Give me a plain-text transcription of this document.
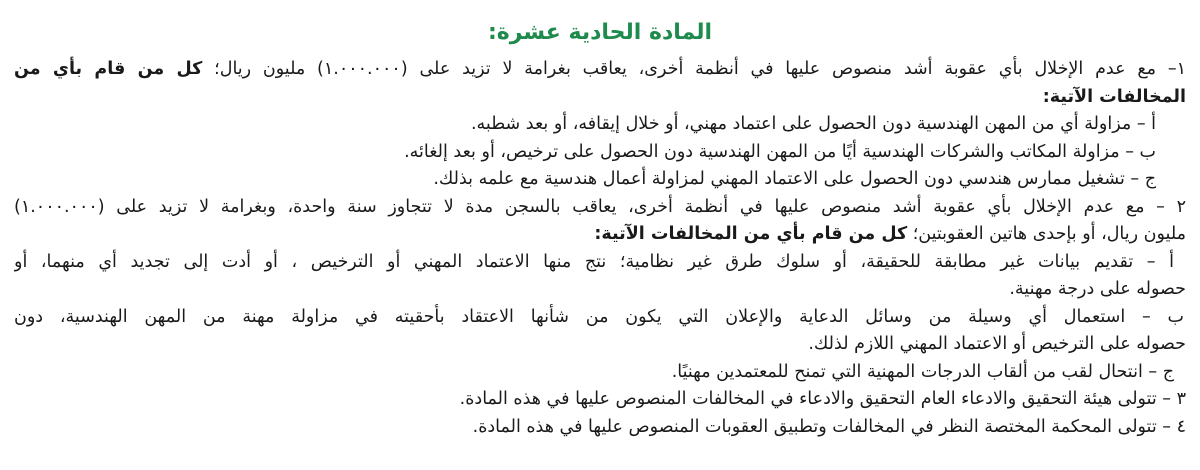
المادة الحادية عشرة:
١– مع عدم الإخلال بأي عقوبة أشد منصوص عليها في أنظمة أخرى، يعاقب بغرامة لا تزيد على (١.٠٠٠.٠٠٠) مليون ريال؛ كل من قام بأي من
المخالفات الآتية:
أ – مزاولة أي من المهن الهندسية دون الحصول على اعتماد مهني، أو خلال إيقافه، أو بعد شطبه.
ب – مزاولة المكاتب والشركات الهندسية أيًا من المهن الهندسية دون الحصول على ترخيص، أو بعد إلغائه.
ج – تشغيل ممارس هندسي دون الحصول على الاعتماد المهني لمزاولة أعمال هندسية مع علمه بذلك.
٢ – مع عدم الإخلال بأي عقوبة أشد منصوص عليها في أنظمة أخرى، يعاقب بالسجن مدة لا تتجاوز سنة واحدة، وبغرامة لا تزيد على (١.٠٠٠.٠٠٠)
مليون ريال، أو بإحدى هاتين العقوبتين؛ كل من قام بأي من المخالفات الآتية:
أ – تقديم بيانات غير مطابقة للحقيقة، أو سلوك طرق غير نظامية؛ نتج منها الاعتماد المهني أو الترخيص ، أو أدت إلى تجديد أي منهما، أو
حصوله على درجة مهنية.
ب – استعمال أي وسيلة من وسائل الدعاية والإعلان التي يكون من شأنها الاعتقاد بأحقيته في مزاولة مهنة من المهن الهندسية، دون
حصوله على الترخيص أو الاعتماد المهني اللازم لذلك.
ج – انتحال لقب من ألقاب الدرجات المهنية التي تمنح للمعتمدين مهنيًا.
٣ – تتولى هيئة التحقيق والادعاء العام التحقيق والادعاء في المخالفات المنصوص عليها في هذه المادة.
٤ – تتولى المحكمة المختصة النظر في المخالفات وتطبيق العقوبات المنصوص عليها في هذه المادة.
